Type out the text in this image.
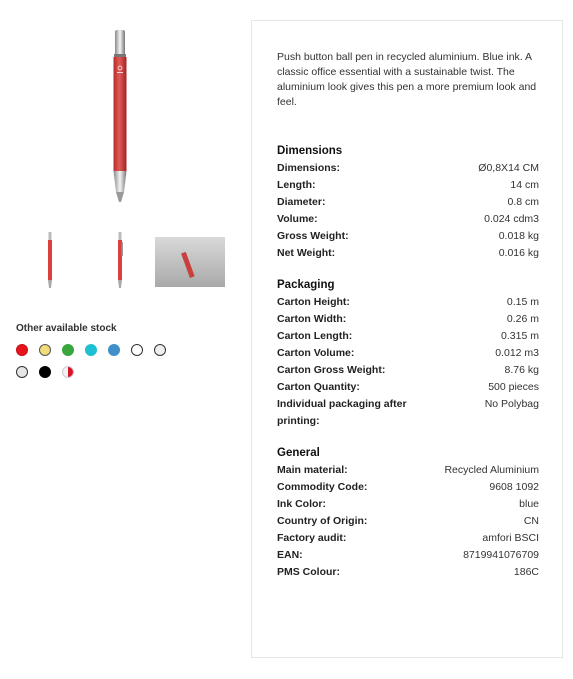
Other available stock

Push button ball pen in recycled aluminium. Blue ink. A classic office essential with a sustainable twist. The aluminium look gives this pen a more premium look and feel.

Dimensions
Dimensions:	Ø0,8X14 CM
Length:	14 cm
Diameter:	0.8 cm
Volume:	0.024 cdm3
Gross Weight:	0.018 kg
Net Weight:	0.016 kg
Packaging
Carton Height:	0.15 m
Carton Width:	0.26 m
Carton Length:	0.315 m
Carton Volume:	0.012 m3
Carton Gross Weight:	8.76 kg
Carton Quantity:	500 pieces
Individual packaging after printing:
No Polybag
General
Main material:	Recycled Aluminium
Commodity Code:	9608 1092
Ink Color:	blue
Country of Origin:	CN
Factory audit:	amfori BSCI
EAN:	8719941076709
PMS Colour:	186C
